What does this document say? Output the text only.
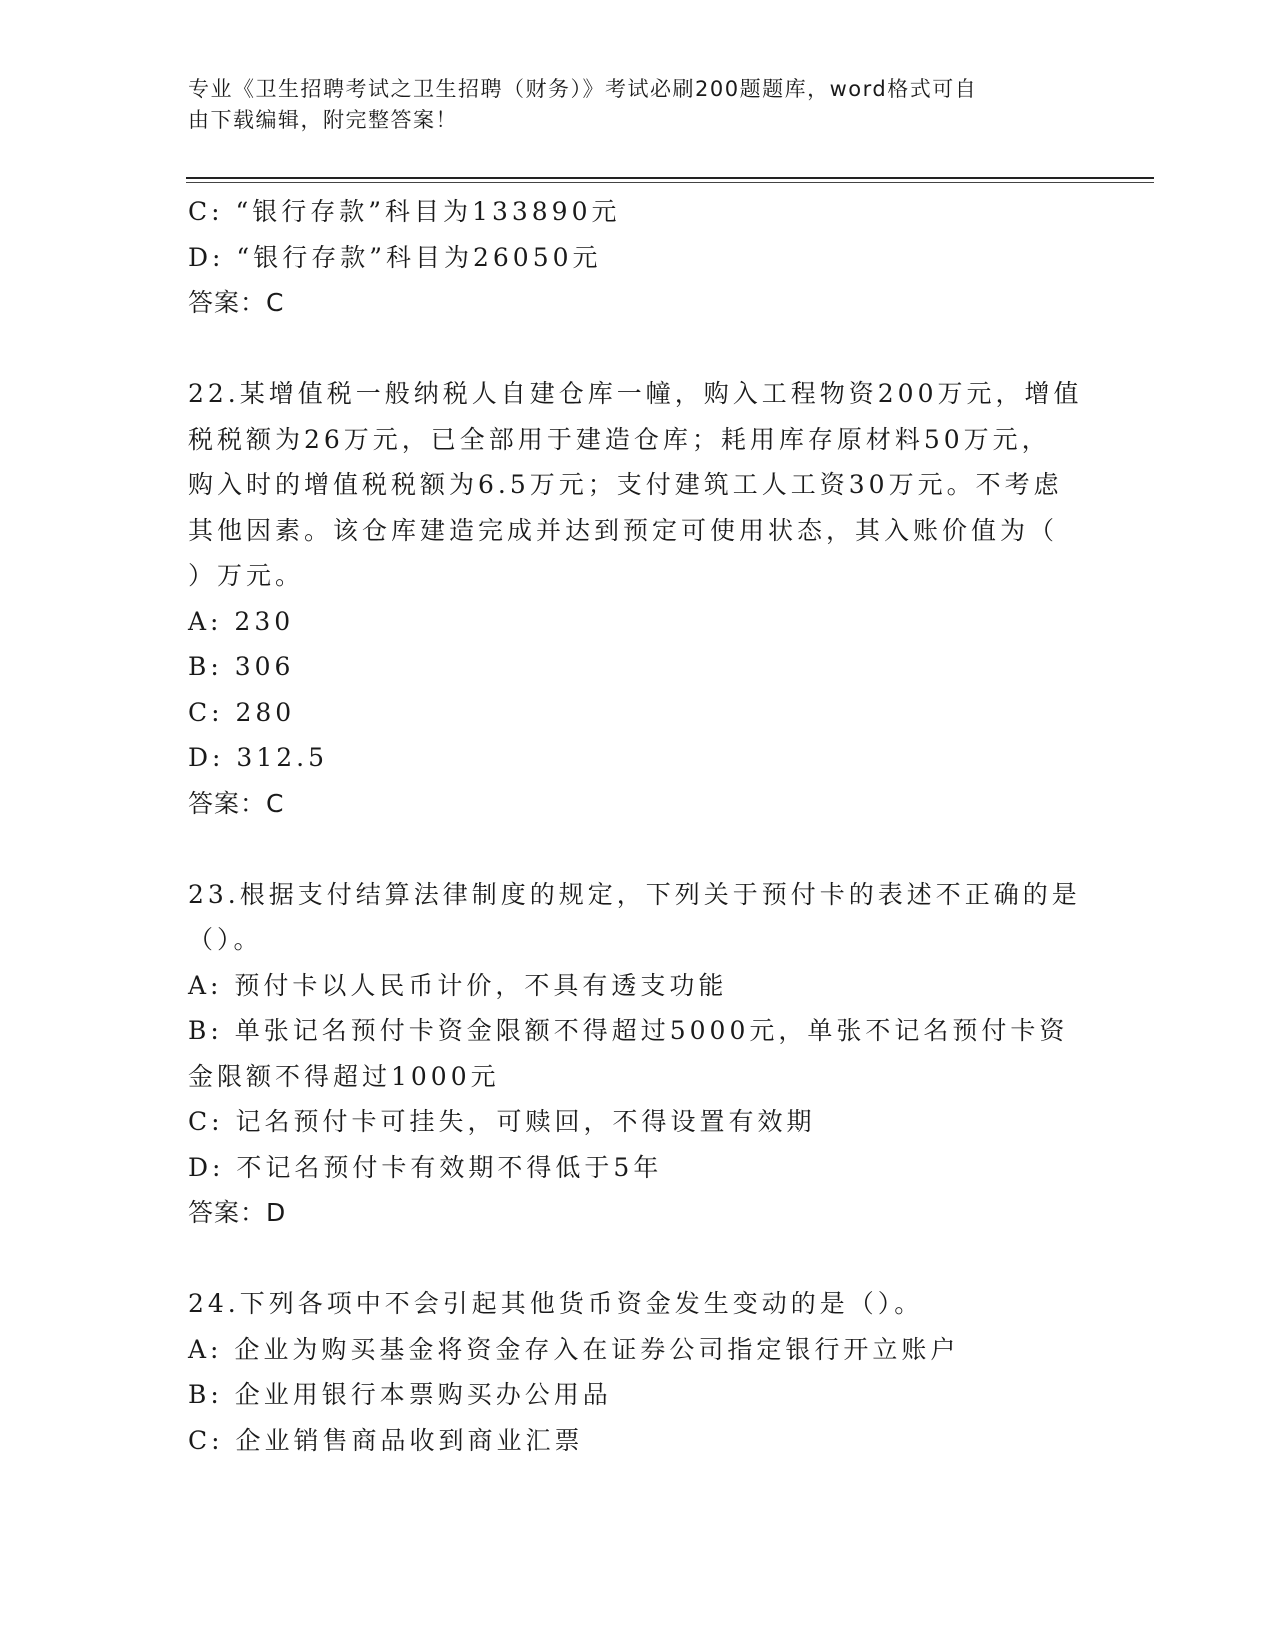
专业《卫生招聘考试之卫生招聘（财务）》考试必刷200题题库，word格式可自
由下载编辑，附完整答案！
C: “银行存款”科目为133890元
D: “银行存款”科目为26050元
答案：C
22.某增值税一般纳税人自建仓库一幢，购入工程物资200万元，增值
税税额为26万元，已全部用于建造仓库；耗用库存原材料50万元，
购入时的增值税税额为6.5万元；支付建筑工人工资30万元。不考虑
其他因素。该仓库建造完成并达到预定可使用状态，其入账价值为（
）万元。
A: 230
B: 306
C: 280
D: 312.5
答案：C
23.根据支付结算法律制度的规定，下列关于预付卡的表述不正确的是
（）。
A: 预付卡以人民币计价，不具有透支功能
B: 单张记名预付卡资金限额不得超过5000元，单张不记名预付卡资
金限额不得超过1000元
C: 记名预付卡可挂失，可赎回，不得设置有效期
D: 不记名预付卡有效期不得低于5年
答案：D
24.下列各项中不会引起其他货币资金发生变动的是（）。
A: 企业为购买基金将资金存入在证券公司指定银行开立账户
B: 企业用银行本票购买办公用品
C: 企业销售商品收到商业汇票
